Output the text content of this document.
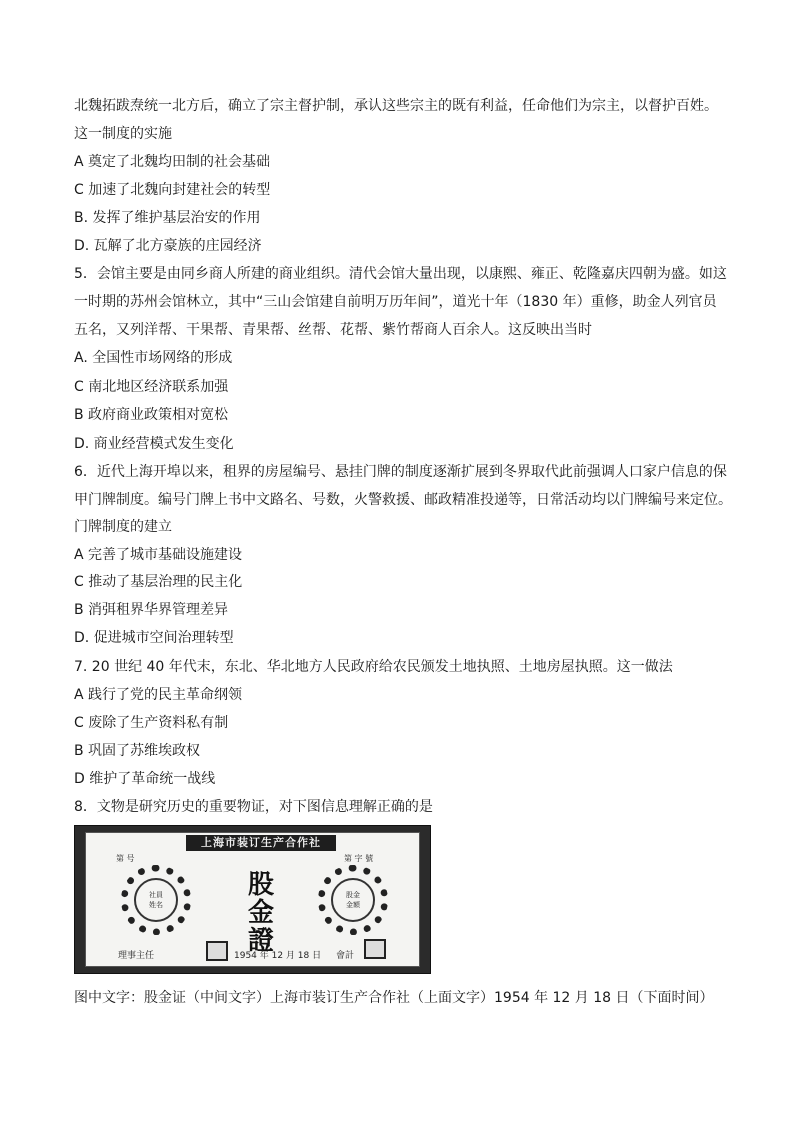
北魏拓跋焘统一北方后，确立了宗主督护制，承认这些宗主的既有利益，任命他们为宗主，以督护百姓。
这一制度的实施
A 奠定了北魏均田制的社会基础
C 加速了北魏向封建社会的转型
B. 发挥了维护基层治安的作用
D. 瓦解了北方豪族的庄园经济
5．会馆主要是由同乡商人所建的商业组织。清代会馆大量出现，以康熙、雍正、乾隆嘉庆四朝为盛。如这
一时期的苏州会馆林立，其中“三山会馆建自前明万历年间”，道光十年（1830 年）重修，助金人列官员
五名，又列洋帮、干果帮、青果帮、丝帮、花帮、紫竹帮商人百余人。这反映出当时
A. 全国性市场网络的形成
C 南北地区经济联系加强
B 政府商业政策相对宽松
D. 商业经营模式发生变化
6．近代上海开埠以来，租界的房屋编号、悬挂门牌的制度逐渐扩展到冬界取代此前强调人口家户信息的保
甲门牌制度。编号门牌上书中文路名、号数，火警救援、邮政精准投递等，日常活动均以门牌编号来定位。
门牌制度的建立
A 完善了城市基础设施建设
C 推动了基层治理的民主化
B 消弭租界华界管理差异
D. 促进城市空间治理转型
7. 20 世纪 40 年代末，东北、华北地方人民政府给农民颁发土地执照、土地房屋执照。这一做法
A 践行了党的民主革命纲领
C 废除了生产资料私有制
B 巩固了苏维埃政权
D 维护了革命统一战线
8．文物是研究历史的重要物证，对下图信息理解正确的是
上海市装订生产合作社
第 号	第 字 號
社員
姓名
股金證
股金
金額
理事主任	1954 年 12 月 18 日 會計
图中文字：股金证（中间文字）上海市装订生产合作社（上面文字）1954 年 12 月 18 日（下面时间）
